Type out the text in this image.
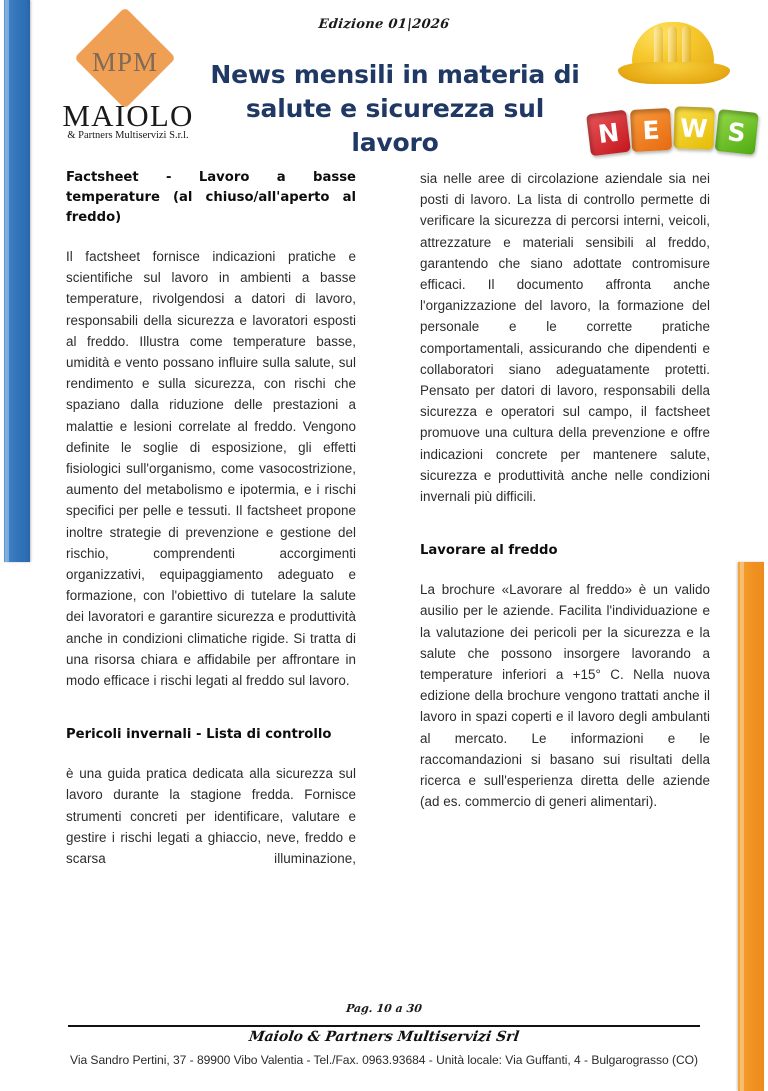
Edizione 01|2026
MPM
MAIOLO
& Partners Multiservizi S.r.l.
News mensili in materia di
salute e sicurezza sul lavoro	N E W S
Factsheet - Lavoro a basse temperature (al chiuso/all'aperto al freddo)

Il factsheet fornisce indicazioni pratiche e scientifiche sul lavoro in ambienti a basse temperature, rivolgendosi a datori di lavoro, responsabili della sicurezza e lavoratori esposti al freddo. Illustra come temperature basse, umidità e vento possano influire sulla salute, sul rendimento e sulla sicurezza, con rischi che spaziano dalla riduzione delle prestazioni a malattie e lesioni correlate al freddo. Vengono definite le soglie di esposizione, gli effetti fisiologici sull'organismo, come vasocostrizione, aumento del metabolismo e ipotermia, e i rischi specifici per pelle e tessuti. Il factsheet propone inoltre strategie di prevenzione e gestione del rischio, comprendenti accorgimenti organizzativi, equipaggiamento adeguato e formazione, con l'obiettivo di tutelare la salute dei lavoratori e garantire sicurezza e produttività anche in condizioni climatiche rigide. Si tratta di una risorsa chiara e affidabile per affrontare in modo efficace i rischi legati al freddo sul lavoro.

Pericoli invernali - Lista di controllo

è una guida pratica dedicata alla sicurezza sul lavoro durante la stagione fredda. Fornisce strumenti concreti per identificare, valutare e gestire i rischi legati a ghiaccio, neve, freddo e scarsa illuminazione,

sia nelle aree di circolazione aziendale sia nei posti di lavoro. La lista di controllo permette di verificare la sicurezza di percorsi interni, veicoli, attrezzature e materiali sensibili al freddo, garantendo che siano adottate contromisure efficaci. Il documento affronta anche l'organizzazione del lavoro, la formazione del personale e le corrette pratiche comportamentali, assicurando che dipendenti e collaboratori siano adeguatamente protetti. Pensato per datori di lavoro, responsabili della sicurezza e operatori sul campo, il factsheet promuove una cultura della prevenzione e offre indicazioni concrete per mantenere salute, sicurezza e produttività anche nelle condizioni invernali più difficili.

Lavorare al freddo

La brochure «Lavorare al freddo» è un valido ausilio per le aziende. Facilita l'individuazione e la valutazione dei pericoli per la sicurezza e la salute che possono insorgere lavorando a temperature inferiori a +15° C. Nella nuova edizione della brochure vengono trattati anche il lavoro in spazi coperti e il lavoro degli ambulanti al mercato. Le informazioni e le raccomandazioni si basano sui risultati della ricerca e sull'esperienza diretta delle aziende (ad es. commercio di generi alimentari).

Pag. 10 a 30
Maiolo & Partners Multiservizi Srl
Via Sandro Pertini, 37 - 89900 Vibo Valentia - Tel./Fax. 0963.93684 - Unità locale: Via Guffanti, 4 - Bulgarograsso (CO)
